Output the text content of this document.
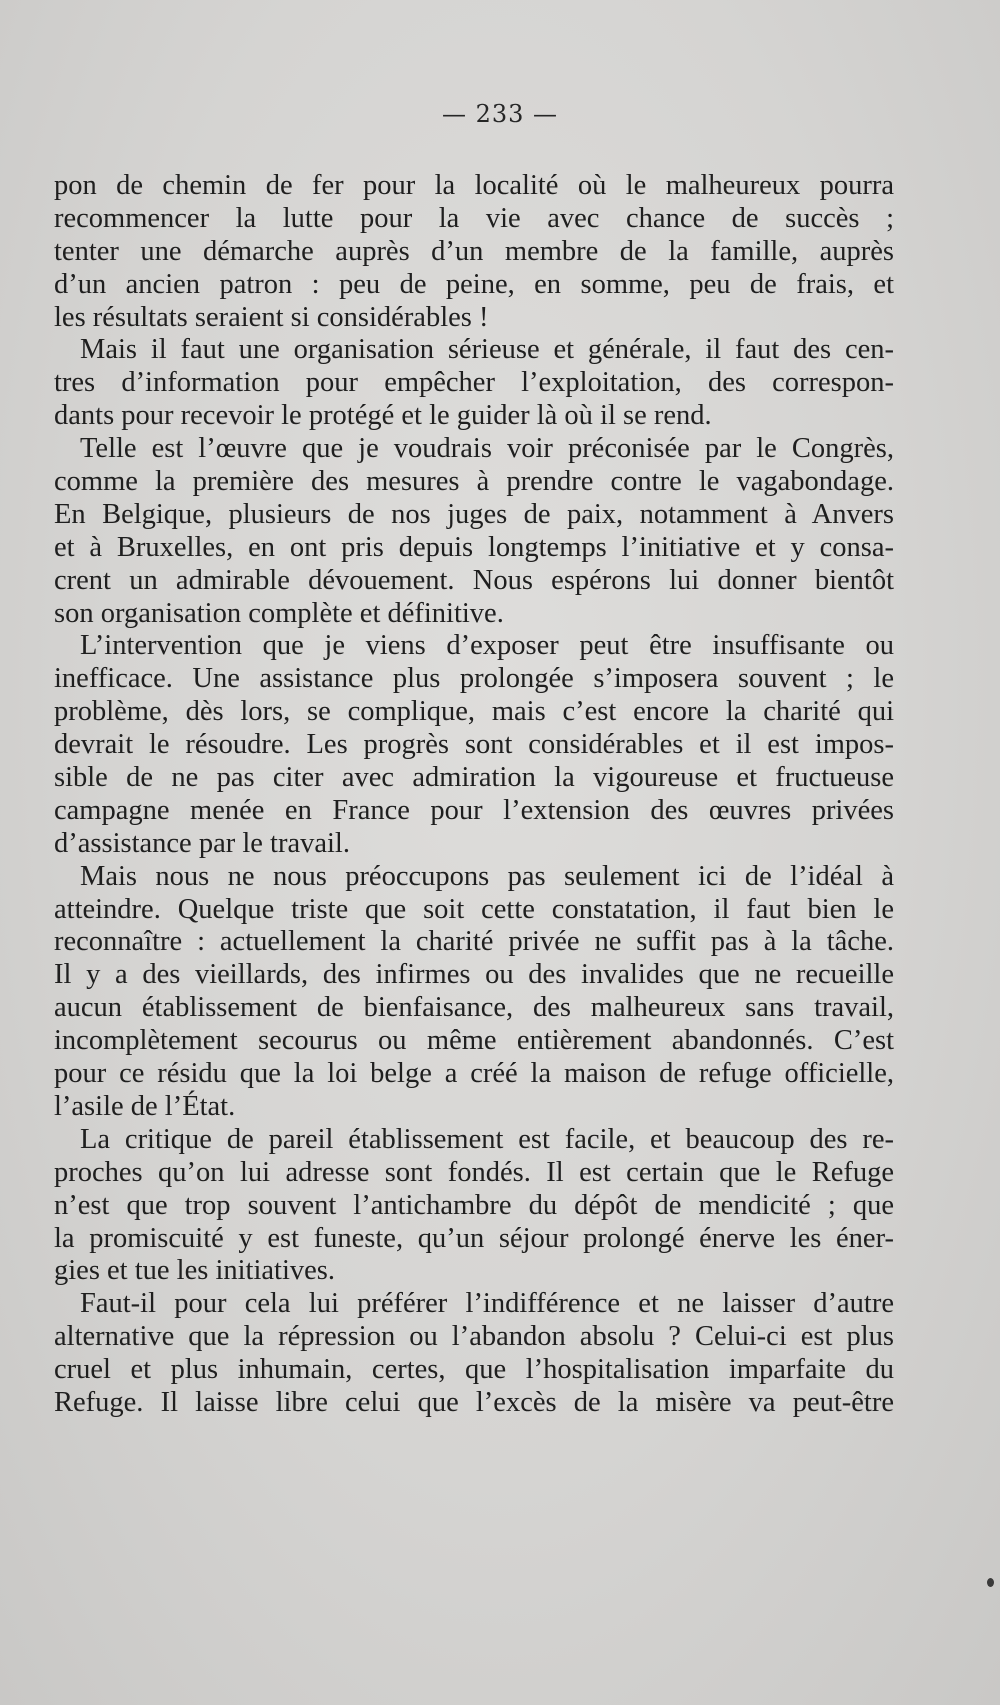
— 233 —
pon de chemin de fer pour la localité où le malheureux pourra
recommencer la lutte pour la vie avec chance de succès ;
tenter une démarche auprès d’un membre de la famille, auprès
d’un ancien patron : peu de peine, en somme, peu de frais, et
les résultats seraient si considérables !
Mais il faut une organisation sérieuse et générale, il faut des cen-
tres d’information pour empêcher l’exploitation, des correspon-
dants pour recevoir le protégé et le guider là où il se rend.
Telle est l’œuvre que je voudrais voir préconisée par le Congrès,
comme la première des mesures à prendre contre le vagabondage.
En Belgique, plusieurs de nos juges de paix, notamment à Anvers
et à Bruxelles, en ont pris depuis longtemps l’initiative et y consa-
crent un admirable dévouement. Nous espérons lui donner bientôt
son organisation complète et définitive.
L’intervention que je viens d’exposer peut être insuffisante ou
inefficace. Une assistance plus prolongée s’imposera souvent ; le
problème, dès lors, se complique, mais c’est encore la charité qui
devrait le résoudre. Les progrès sont considérables et il est impos-
sible de ne pas citer avec admiration la vigoureuse et fructueuse
campagne menée en France pour l’extension des œuvres privées
d’assistance par le travail.
Mais nous ne nous préoccupons pas seulement ici de l’idéal à
atteindre. Quelque triste que soit cette constatation, il faut bien le
reconnaître : actuellement la charité privée ne suffit pas à la tâche.
Il y a des vieillards, des infirmes ou des invalides que ne recueille
aucun établissement de bienfaisance, des malheureux sans travail,
incomplètement secourus ou même entièrement abandonnés. C’est
pour ce résidu que la loi belge a créé la maison de refuge officielle,
l’asile de l’État.
La critique de pareil établissement est facile, et beaucoup des re-
proches qu’on lui adresse sont fondés. Il est certain que le Refuge
n’est que trop souvent l’antichambre du dépôt de mendicité ; que
la promiscuité y est funeste, qu’un séjour prolongé énerve les éner-
gies et tue les initiatives.
Faut-il pour cela lui préférer l’indifférence et ne laisser d’autre
alternative que la répression ou l’abandon absolu ? Celui-ci est plus
cruel et plus inhumain, certes, que l’hospitalisation imparfaite du
Refuge. Il laisse libre celui que l’excès de la misère va peut-être
